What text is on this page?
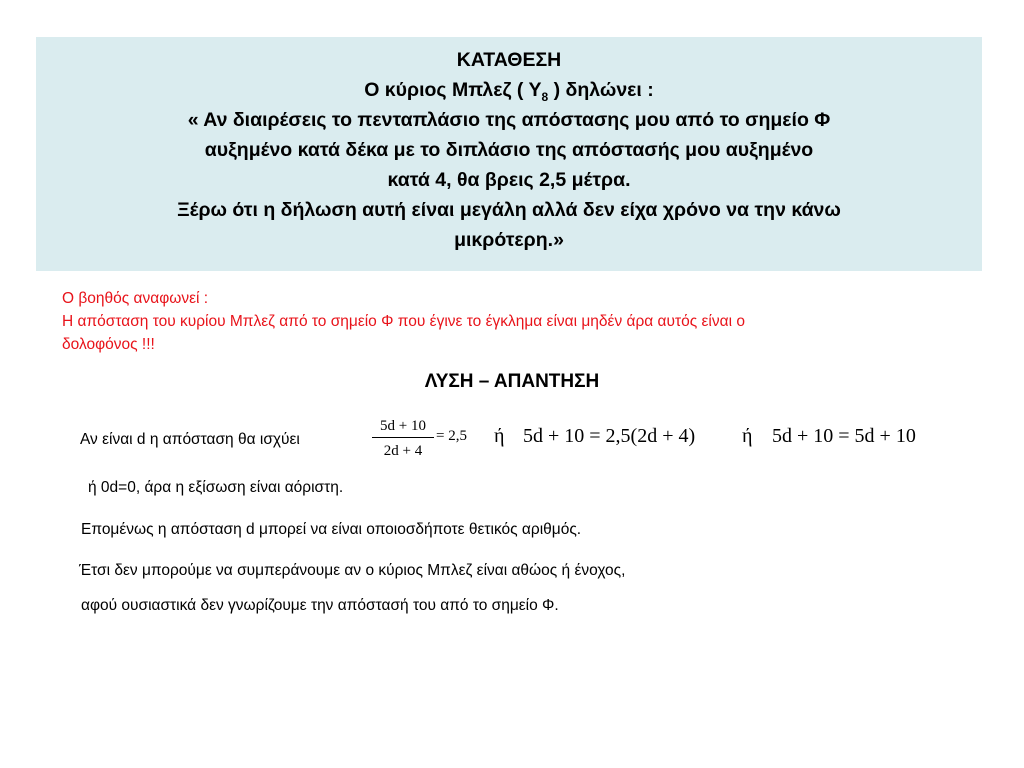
ΚΑΤΑΘΕΣΗ
Ο κύριος Μπλεζ ( $\Upsilon_8$ ) δηλώνει :
« Αν διαιρέσεις το πενταπλάσιο της απόστασης μου από το σημείο Φ
αυξημένο κατά δέκα με το διπλάσιο της απόστασής μου αυξημένο
κατά 4, θα βρεις 2,5 μέτρα.
Ξέρω ότι η δήλωση αυτή είναι μεγάλη αλλά δεν είχα χρόνο να την κάνω
μικρότερη.»
Ο βοηθός αναφωνεί :
Η απόσταση του κυρίου Μπλεζ από το σημείο Φ που έγινε το έγκλημα είναι μηδέν άρα αυτός είναι ο
δολοφόνος !!!
ΛΥΣΗ – ΑΠΑΝΤΗΣΗ
Αν είναι d η απόσταση θα ισχύει	$\frac{5d + 10}{2d + 4} = 2,5$ ή 5d + 10 = 2,5(2d + 4) ή 5d + 10 = 5d + 10
ή 0d=0, άρα η εξίσωση είναι αόριστη.
Επομένως η απόσταση d μπορεί να είναι οποιοσδήποτε θετικός αριθμός.
Έτσι δεν μπορούμε να συμπεράνουμε αν ο κύριος Μπλεζ είναι αθώος ή ένοχος,
αφού ουσιαστικά δεν γνωρίζουμε την απόστασή του από το σημείο Φ.
